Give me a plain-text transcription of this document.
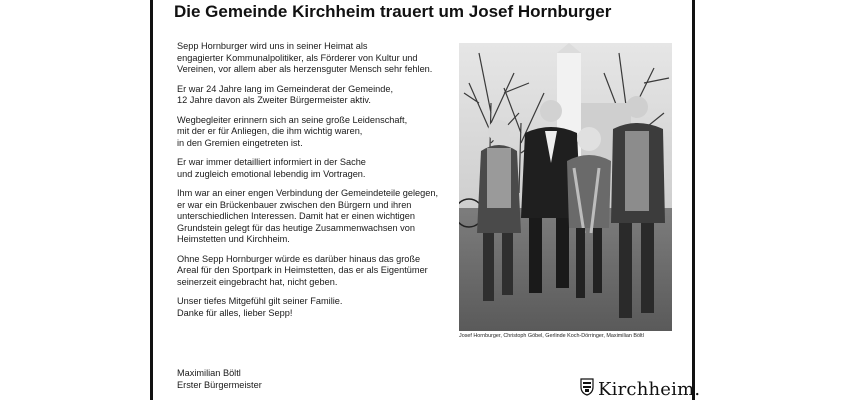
Die Gemeinde Kirchheim trauert um Josef Hornburger

Sepp Hornburger wird uns in seiner Heimat als
engagierter Kommunalpolitiker, als Förderer von Kultur und
Vereinen, vor allem aber als herzensguter Mensch sehr fehlen.

Er war 24 Jahre lang im Gemeinderat der Gemeinde,
12 Jahre davon als Zweiter Bürgermeister aktiv.

Wegbegleiter erinnern sich an seine große Leidenschaft,
mit der er für Anliegen, die ihm wichtig waren,
in den Gremien eingetreten ist.

Er war immer detailliert informiert in der Sache
und zugleich emotional lebendig im Vortragen.

Ihm war an einer engen Verbindung der Gemeindeteile gelegen,
er war ein Brückenbauer zwischen den Bürgern und ihren
unterschiedlichen Interessen. Damit hat er einen wichtigen
Grundstein gelegt für das heutige Zusammenwachsen von
Heimstetten und Kirchheim.

Ohne Sepp Hornburger würde es darüber hinaus das große
Areal für den Sportpark in Heimstetten, das er als Eigentümer
seinerzeit eingebracht hat, nicht geben.

Unser tiefes Mitgefühl gilt seiner Familie.
Danke für alles, lieber Sepp!

Josef Hornburger, Christoph Göbel, Gerlinde Koch-Dörringer, Maximilian Böltl
Maximilian Böltl
Erster Bürgermeister	Kirchheim.
